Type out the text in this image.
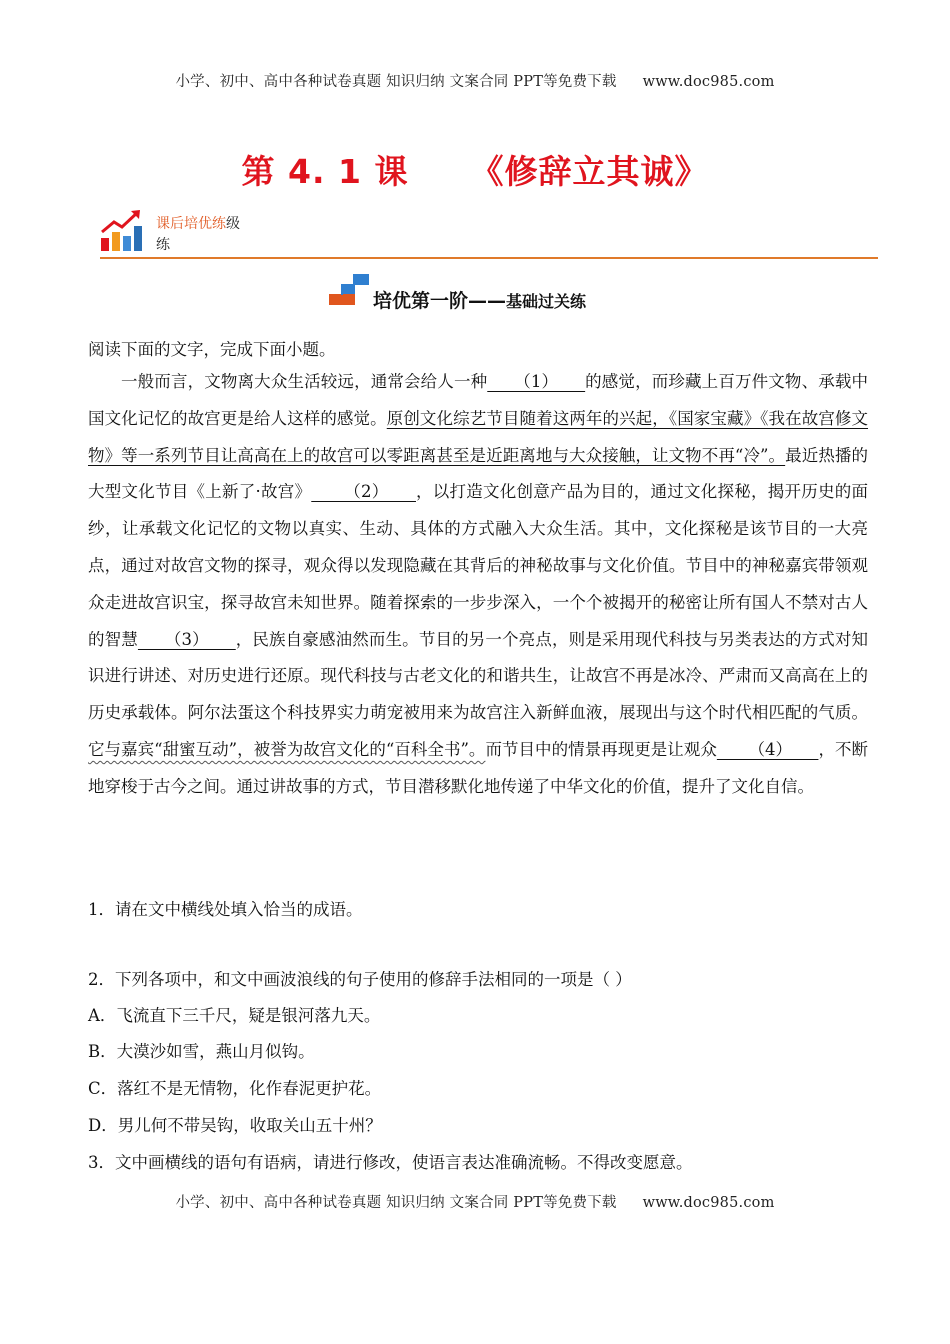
小学、初中、高中各种试卷真题 知识归纳 文案合同 PPT等免费下载 www.doc985.com
第 4. 1 课 《修辞立其诚》
课后培优练级
练
培优第一阶——基础过关练
阅读下面的文字，完成下面小题。
一般而言，文物离大众生活较远，通常会给人一种     （1）     的感觉，而珍藏上百万件文物、承载中国文化记忆的故宫更是给人这样的感觉。原创文化综艺节目随着这两年的兴起，《国家宝藏》《我在故宫修文物》等一系列节目让高高在上的故宫可以零距离甚至是近距离地与大众接触，让文物不再“冷”。最近热播的大型文化节目《上新了·故宫》      （2）     ，以打造文化创意产品为目的，通过文化探秘，揭开历史的面纱，让承载文化记忆的文物以真实、生动、具体的方式融入大众生活。其中，文化探秘是该节目的一大亮点，通过对故宫文物的探寻，观众得以发现隐藏在其背后的神秘故事与文化价值。节目中的神秘嘉宾带领观众走进故宫识宝，探寻故宫未知世界。随着探索的一步步深入，一个个被揭开的秘密让所有国人不禁对古人的智慧     （3）     ，民族自豪感油然而生。节目的另一个亮点，则是采用现代科技与另类表达的方式对知识进行讲述、对历史进行还原。现代科技与古老文化的和谐共生，让故宫不再是冰冷、严肃而又高高在上的历史承载体。阿尔法蛋这个科技界实力萌宠被用来为故宫注入新鲜血液，展现出与这个时代相匹配的气质。它与嘉宾“甜蜜互动”，被誉为故宫文化的“百科全书”。而节目中的情景再现更是让观众      （4）     ，不断地穿梭于古今之间。通过讲故事的方式，节目潜移默化地传递了中华文化的价值，提升了文化自信。
1．请在文中横线处填入恰当的成语。
2．下列各项中，和文中画波浪线的句子使用的修辞手法相同的一项是（ ）
A．飞流直下三千尺，疑是银河落九天。
B．大漠沙如雪，燕山月似钩。
C．落红不是无情物，化作春泥更护花。
D．男儿何不带吴钩，收取关山五十州？
3．文中画横线的语句有语病，请进行修改，使语言表达准确流畅。不得改变愿意。
小学、初中、高中各种试卷真题 知识归纳 文案合同 PPT等免费下载 www.doc985.com
